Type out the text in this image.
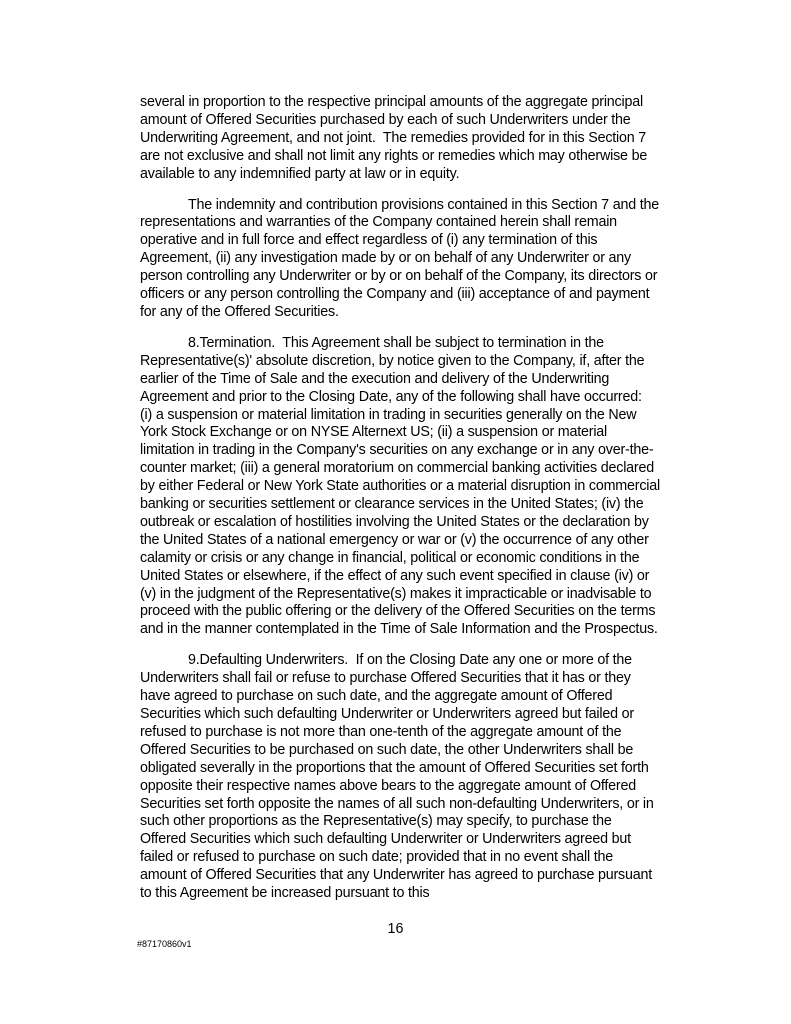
several in proportion to the respective principal amounts of the aggregate principal amount of Offered Securities purchased by each of such Underwriters under the Underwriting Agreement, and not joint.  The remedies provided for in this Section 7 are not exclusive and shall not limit any rights or remedies which may otherwise be available to any indemnified party at law or in equity.

The indemnity and contribution provisions contained in this Section 7 and the representations and warranties of the Company contained herein shall remain operative and in full force and effect regardless of (i) any termination of this Agreement, (ii) any investigation made by or on behalf of any Underwriter or any person controlling any Underwriter or by or on behalf of the Company, its directors or officers or any person controlling the Company and (iii) acceptance of and payment for any of the Offered Securities.

8.Termination.  This Agreement shall be subject to termination in the Representative(s)' absolute discretion, by notice given to the Company, if, after the earlier of the Time of Sale and the execution and delivery of the Underwriting Agreement and prior to the Closing Date, any of the following shall have occurred:  (i) a suspension or material limitation in trading in securities generally on the New York Stock Exchange or on NYSE Alternext US; (ii) a suspension or material limitation in trading in the Company's securities on any exchange or in any over-the-counter market; (iii) a general moratorium on commercial banking activities declared by either Federal or New York State authorities or a material disruption in commercial banking or securities settlement or clearance services in the United States; (iv) the outbreak or escalation of hostilities involving the United States or the declaration by the United States of a national emergency or war or (v) the occurrence of any other calamity or crisis or any change in financial, political or economic conditions in the United States or elsewhere, if the effect of any such event specified in clause (iv) or (v) in the judgment of the Representative(s) makes it impracticable or inadvisable to proceed with the public offering or the delivery of the Offered Securities on the terms and in the manner contemplated in the Time of Sale Information and the Prospectus.

9.Defaulting Underwriters.  If on the Closing Date any one or more of the Underwriters shall fail or refuse to purchase Offered Securities that it has or they have agreed to purchase on such date, and the aggregate amount of Offered Securities which such defaulting Underwriter or Underwriters agreed but failed or refused to purchase is not more than one-tenth of the aggregate amount of the Offered Securities to be purchased on such date, the other Underwriters shall be obligated severally in the proportions that the amount of Offered Securities set forth opposite their respective names above bears to the aggregate amount of Offered Securities set forth opposite the names of all such non-defaulting Underwriters, or in such other proportions as the Representative(s) may specify, to purchase the Offered Securities which such defaulting Underwriter or Underwriters agreed but failed or refused to purchase on such date; provided that in no event shall the amount of Offered Securities that any Underwriter has agreed to purchase pursuant to this Agreement be increased pursuant to this

16
#87170860v1
